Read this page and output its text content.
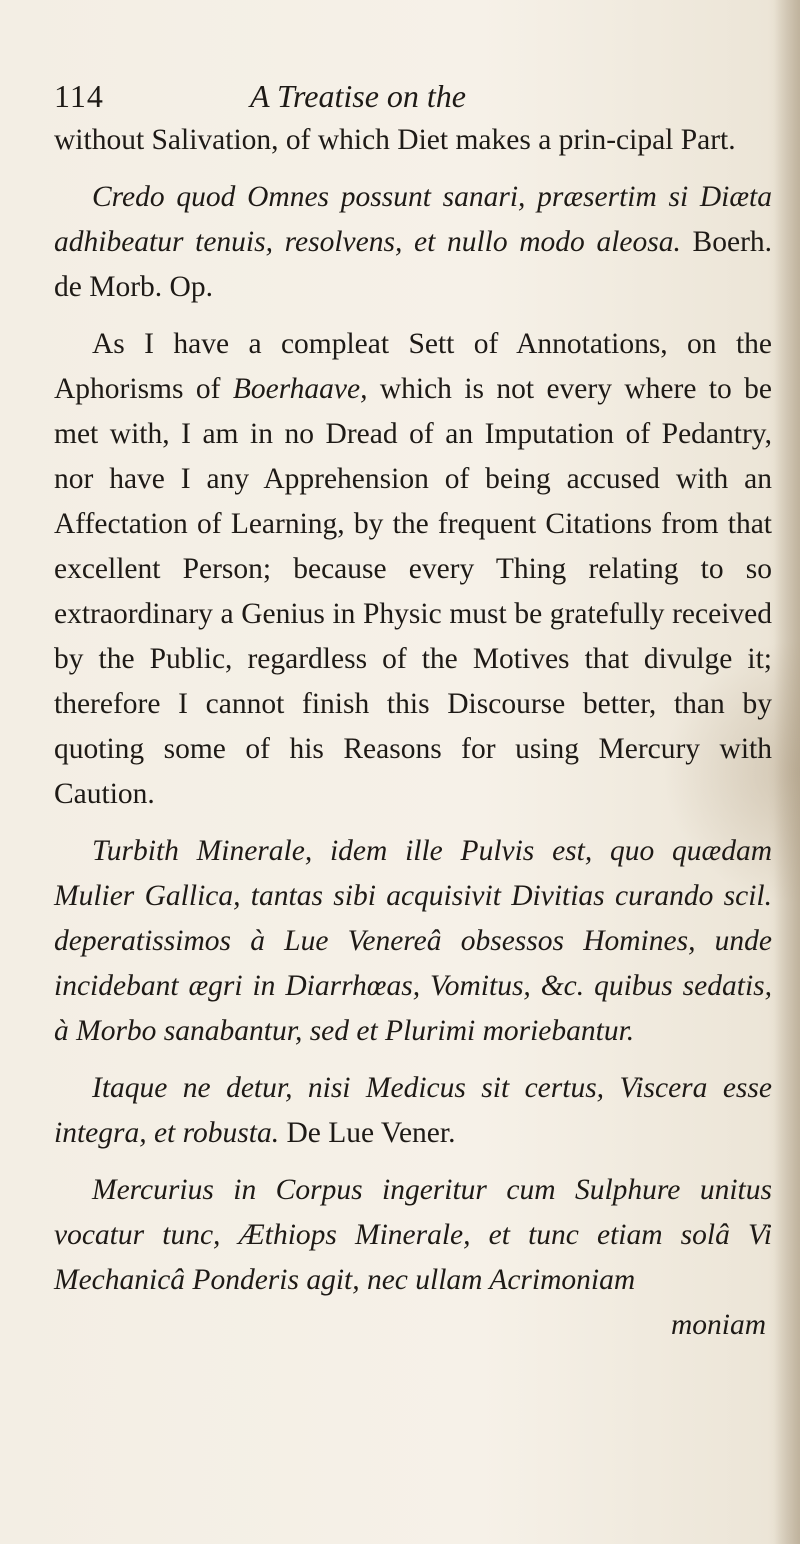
114	A Treatise on the

without Salivation, of which Diet makes a prin-cipal Part.

Credo quod Omnes possunt sanari, præsertim si Diæta adhibeatur tenuis, resolvens, et nullo modo aleosa. Boerh. de Morb. Op.

As I have a compleat Sett of Annotations, on the Aphorisms of Boerhaave, which is not every where to be met with, I am in no Dread of an Imputation of Pedantry, nor have I any Apprehension of being accused with an Affectation of Learning, by the frequent Citations from that excellent Person; because every Thing relating to so extraordinary a Genius in Physic must be gratefully received by the Public, regardless of the Motives that divulge it; therefore I cannot finish this Discourse better, than by quoting some of his Reasons for using Mercury with Caution.

Turbith Minerale, idem ille Pulvis est, quo quædam Mulier Gallica, tantas sibi acquisivit Divitias curando scil. deperatissimos à Lue Venereâ obsessos Homines, unde incidebant ægri in Diarrhœas, Vomitus, &c. quibus sedatis, à Morbo sanabantur, sed et Plurimi moriebantur.

Itaque ne detur, nisi Medicus sit certus, Viscera esse integra, et robusta. De Lue Vener.

Mercurius in Corpus ingeritur cum Sulphure unitus vocatur tunc, Æthiops Minerale, et tunc etiam solâ Vi Mechanicâ Ponderis agit, nec ullam Acrimoniam

moniam
